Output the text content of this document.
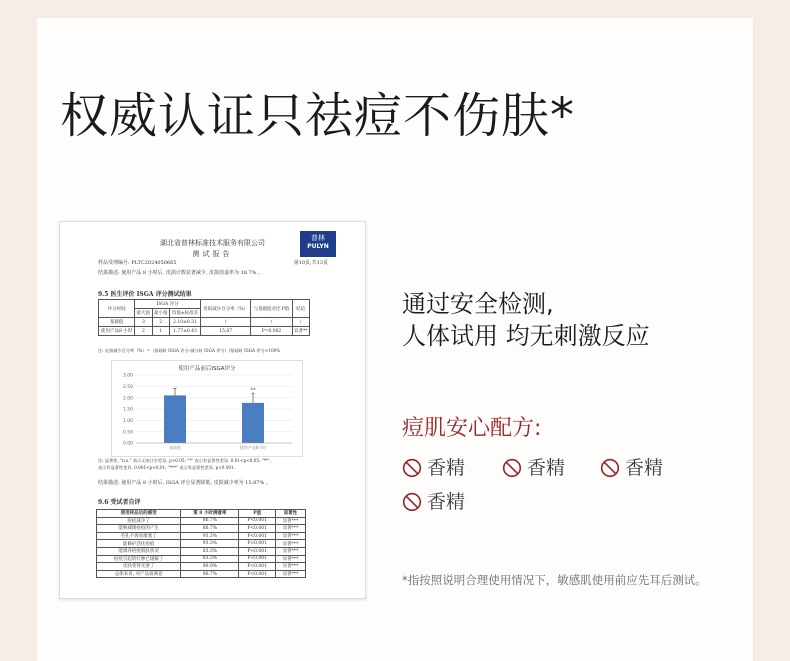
权威认证只祛痘不伤肤*
湖北省普林标准技术服务有限公司
测试报告
普林
PULYN
样品受理编号: PLTC2024050665	第10页,共13页
结果描述: 使用产品 8 小时后, 皮损计数显著减少, 皮损消退率为 18.7% 。
9.5 医生评价 ISGA 评分测试结果
评分时间	ISGA 评分			皮损减少百分率（%）	与基础值对比 P值	结论
	最大值	最小值	均值±标准差			
基础值	3	2	2.10±0.31	/	/	/
使用产品8 小时	2	1	1.77±0.43	15.87	P=0.002	显著**
注: 皮损减少百分率（%）=（基础时 ISGA 评分-减分时 ISGA 评分）/基础时 ISGA 评分×100%
使用产品前后ISGA评分
0.00
0.50
1.00
1.50
2.00
2.50
3.00
基础值
**
使用产品8小时
注: 显著性, "n.s." 表示无统计学差异, p>0.05; "*" 表示有显著性差异, 0.01<p<0.05; "**",
表示有显著性差异, 0.001<p<0.01; "***" 表示有显著性差异, p<0.001.
结果描述: 使用产品 8 小时后, ISGA 评分显著降低, 皮损减少率为 15.87% 。
9.6 受试者自评
使用样品后的感受	第 8 小时满意率	P值	显著性
痘痘减少了	86.7%	P<0.001	显著***
能够减缓痘痘的产生	86.7%	P<0.001	显著***
毛孔不再易堵塞了	93.3%	P<0.001	显著***
能修护活化痘痕	93.3%	P<0.001	显著***
能调养痘痘肌肤状况	83.3%	P<0.001	显著***
痘痘引起的红肿已缓解了	83.3%	P<0.001	显著***
皮肤变得光滑了	90.0%	P<0.001	显著***
总体来说, 对产品很满意	96.7%	P<0.001	显著***
通过安全检测,
人体试用 均无刺激反应
痘肌安心配方:
香精	香精	香精
香精
*指按照说明合理使用情况下，敏感肌使用前应先耳后测试。
